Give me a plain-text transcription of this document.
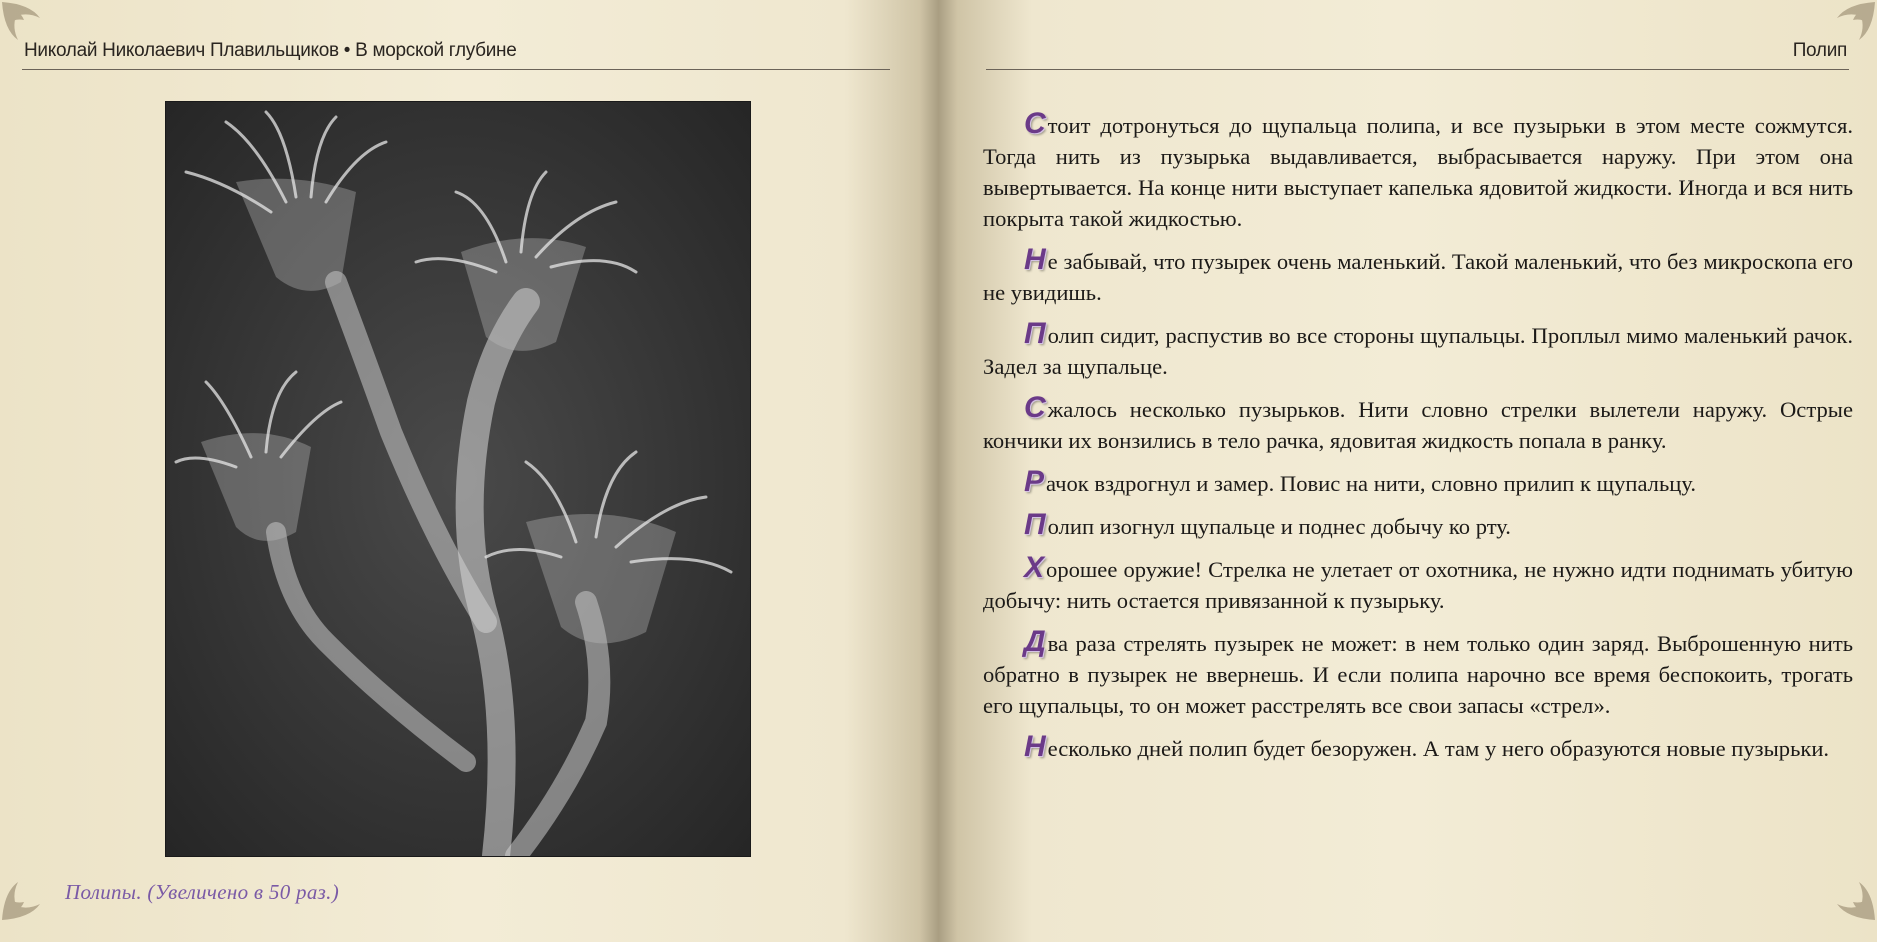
Николай Николаевич Плавильщиков • В морской глубине
Полипы. (Увеличено в 50 раз.)
Полип

Стоит дотронуться до щупальца полипа, и все пузырьки в этом месте сожмутся. Тогда нить из пузырька выдавливается, выбрасывается наружу. При этом она вывертывается. На конце нити выступает капелька ядовитой жидкости. Иногда и вся нить покрыта такой жидкостью.

Не забывай, что пузырек очень маленький. Такой маленький, что без микроскопа его не увидишь.

Полип сидит, распустив во все стороны щупальцы. Проплыл мимо маленький рачок. Задел за щупальце.

Сжалось несколько пузырьков. Нити словно стрелки вылетели наружу. Острые кончики их вонзились в тело рачка, ядовитая жидкость попала в ранку.

Рачок вздрогнул и замер. Повис на нити, словно прилип к щупальцу.

Полип изогнул щупальце и поднес добычу ко рту.

Хорошее оружие! Стрелка не улетает от охотника, не нужно идти поднимать убитую добычу: нить остается привязанной к пузырьку.

Два раза стрелять пузырек не может: в нем только один заряд. Выброшенную нить обратно в пузырек не ввернешь. И если полипа нарочно все время беспокоить, трогать его щупальцы, то он может расстрелять все свои запасы «стрел».

Несколько дней полип будет безоружен. А там у него образуются новые пузырьки.
